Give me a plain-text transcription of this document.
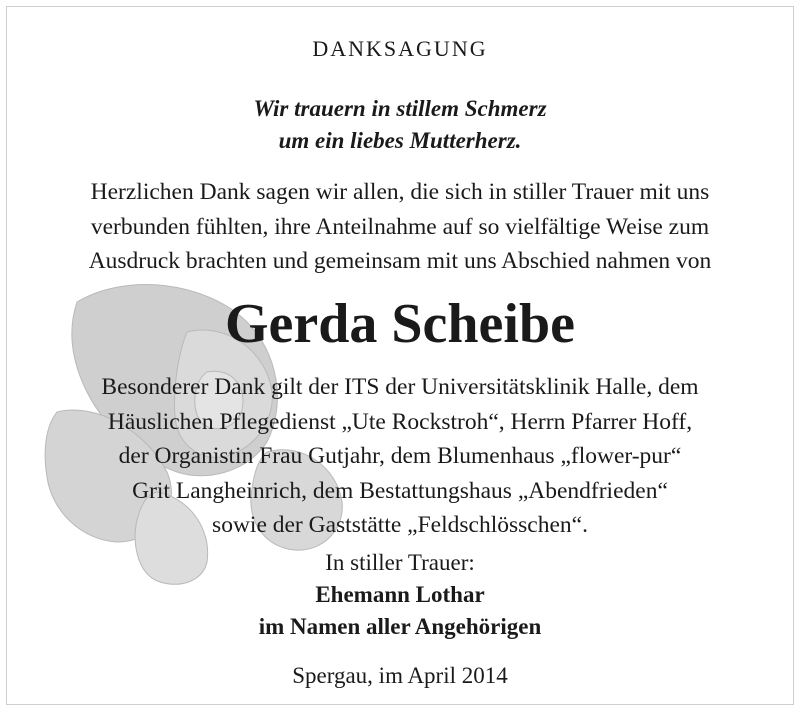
DANKSAGUNG
Wir trauern in stillem Schmerz
um ein liebes Mutterherz.
Herzlichen Dank sagen wir allen, die sich in stiller Trauer mit uns
verbunden fühlten, ihre Anteilnahme auf so vielfältige Weise zum
Ausdruck brachten und gemeinsam mit uns Abschied nahmen von
Gerda Scheibe
Besonderer Dank gilt der ITS der Universitätsklinik Halle, dem
Häuslichen Pflegedienst „Ute Rockstroh“, Herrn Pfarrer Hoff,
der Organistin Frau Gutjahr, dem Blumenhaus „flower-pur“
Grit Langheinrich, dem Bestattungshaus „Abendfrieden“
sowie der Gaststätte „Feldschlösschen“.
In stiller Trauer:
Ehemann Lothar
im Namen aller Angehörigen
Spergau, im April 2014
